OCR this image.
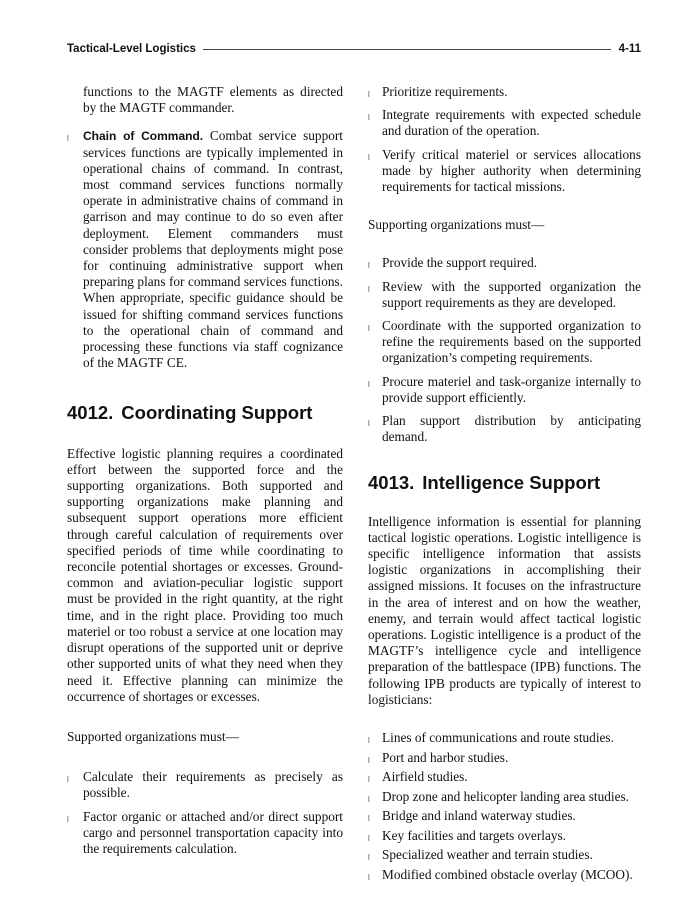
Tactical-Level Logistics	4-11

functions to the MAGTF elements as directed by the MAGTF commander.

l Chain of Command. Combat service support services functions are typically implemented in operational chains of command. In contrast, most command services functions normally operate in administrative chains of command in garrison and may continue to do so even after deployment. Element commanders must consider problems that deployments might pose for continuing administrative support when preparing plans for command services functions. When appropriate, specific guidance should be issued for shifting command services functions to the operational chain of command and processing these functions via staff cognizance of the MAGTF CE.
4012. Coordinating Support

Effective logistic planning requires a coordinated effort between the supported force and the supporting organizations. Both supported and supporting organizations make planning and subsequent support operations more efficient through careful calculation of requirements over specified periods of time while coordinating to reconcile potential shortages or excesses. Ground-common and aviation-peculiar logistic support must be provided in the right quantity, at the right time, and in the right place. Providing too much materiel or too robust a service at one location may disrupt operations of the supported unit or deprive other supported units of what they need when they need it. Effective planning can minimize the occurrence of shortages or excesses.

Supported organizations must—

l Calculate their requirements as precisely as possible.
l Factor organic or attached and/or direct support cargo and personnel transportation capacity into the requirements calculation.
l Prioritize requirements.
l Integrate requirements with expected schedule and duration of the operation.
l Verify critical materiel or services allocations made by higher authority when determining requirements for tactical missions.

Supporting organizations must—

l Provide the support required.
l Review with the supported organization the support requirements as they are developed.
l Coordinate with the supported organization to refine the requirements based on the supported organization’s competing requirements.
l Procure materiel and task-organize internally to provide support efficiently.
l Plan support distribution by anticipating demand.
4013. Intelligence Support

Intelligence information is essential for planning tactical logistic operations. Logistic intelligence is specific intelligence information that assists logistic organizations in accomplishing their assigned missions. It focuses on the infrastructure in the area of interest and on how the weather, enemy, and terrain would affect tactical logistic operations. Logistic intelligence is a product of the MAGTF’s intelligence cycle and intelligence preparation of the battlespace (IPB) functions. The following IPB products are typically of interest to logisticians:

l Lines of communications and route studies.
l Port and harbor studies.
l Airfield studies.
l Drop zone and helicopter landing area studies.
l Bridge and inland waterway studies.
l Key facilities and targets overlays.
l Specialized weather and terrain studies.
l Modified combined obstacle overlay (MCOO).
